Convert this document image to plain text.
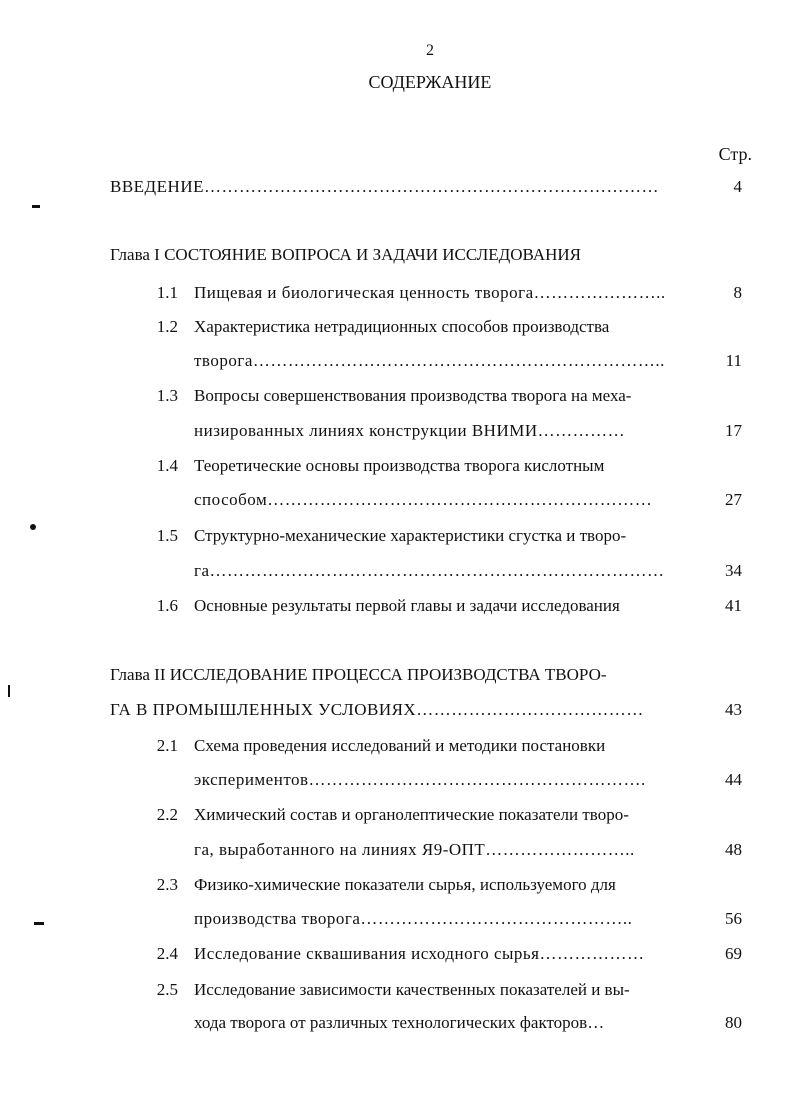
2
СОДЕРЖАНИЕ
Стр.
ВВЕДЕНИЕ……………………………………………………………………	4
Глава I СОСТОЯНИЕ ВОПРОСА И ЗАДАЧИ ИССЛЕДОВАНИЯ
1.1 Пищевая и биологическая ценность творога…………………..	8
1.2 Характеристика нетрадиционных способов производства
творога……………………………………………………………..	11
1.3 Вопросы совершенствования производства творога на меха-
низированных линиях конструкции ВНИМИ……………	17
1.4 Теоретические основы производства творога кислотным
способом…………………………………………………………	27
1.5 Структурно-механические характеристики сгустка и творо-
га……………………………………………………………………	34
1.6 Основные результаты первой главы и задачи исследования	41
Глава II ИССЛЕДОВАНИЕ ПРОЦЕССА ПРОИЗВОДСТВА ТВОРО-
ГА В ПРОМЫШЛЕННЫХ УСЛОВИЯХ…………………………………	43
2.1 Схема проведения исследований и методики постановки
экспериментов………………………………………………….	44
2.2 Химический состав и органолептические показатели творо-
га, выработанного на линиях Я9-ОПТ……………………..	48
2.3 Физико-химические показатели сырья, используемого для
производства творога………………………………………..	56
2.4 Исследование сквашивания исходного сырья………………	69
2.5 Исследование зависимости качественных показателей и вы-
хода творога от различных технологических факторов…	80
